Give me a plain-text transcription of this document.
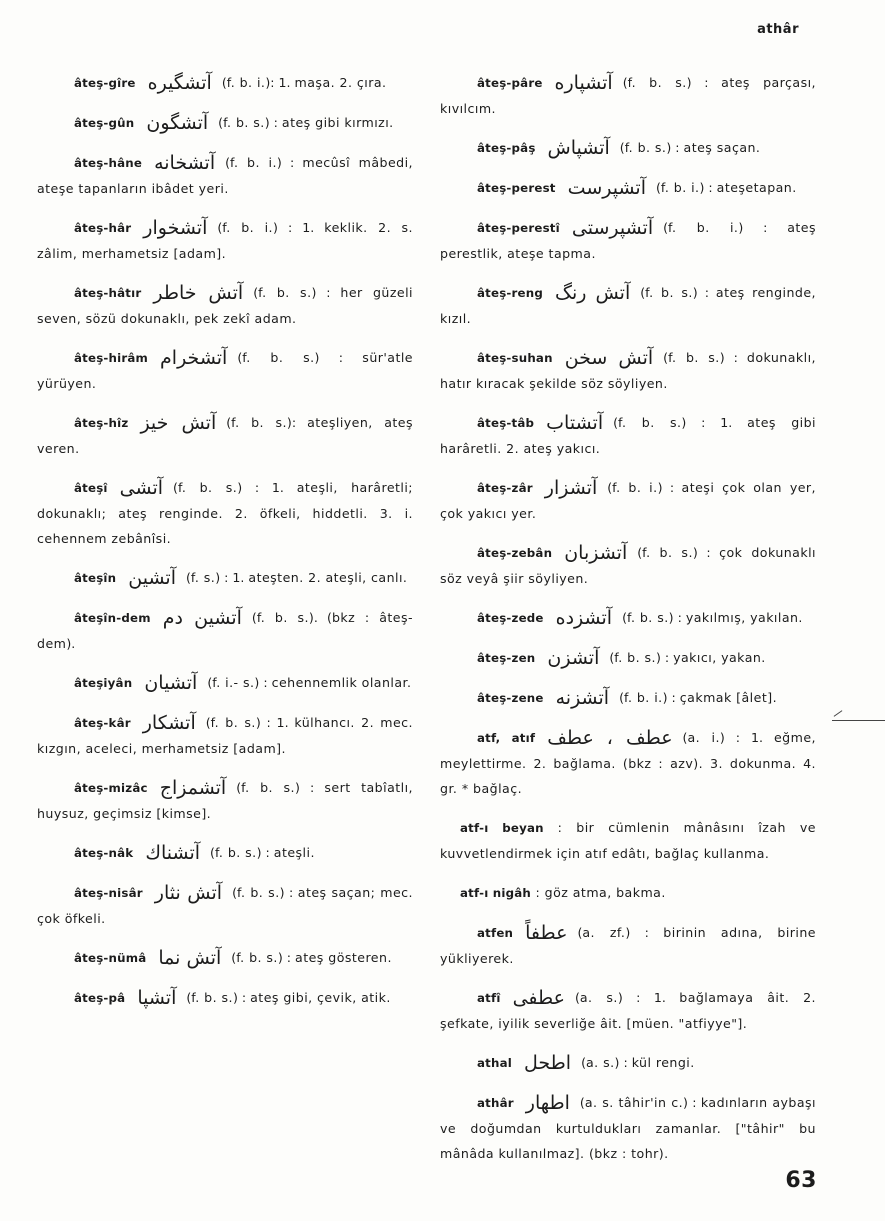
athâr

âteş-gîre آتشگیره (f. b. i.): 1. maşa. 2. çıra.

âteş-gûn آتشگون (f. b. s.) : ateş gibi kırmızı.

âteş-hâne آتشخانه (f. b. i.) : mecûsî mâbedi, ateşe tapanların ibâdet yeri.

âteş-hâr آتشخوار (f. b. i.) : 1. keklik. 2. s. zâlim, merhametsiz [adam].

âteş-hâtır آتش خاطر (f. b. s.) : her güzeli seven, sözü dokunaklı, pek zekî adam.

âteş-hirâm آتشخرام (f. b. s.) : sür'atle yürüyen.

âteş-hîz آتش خیز (f. b. s.): ateşliyen, ateş veren.

âteşî آتشی (f. b. s.) : 1. ateşli, harâretli; dokunaklı; ateş renginde. 2. öfkeli, hiddetli. 3. i. cehennem zebânîsi.

âteşîn آتشین (f. s.) : 1. ateşten. 2. ateşli, canlı.

âteşîn-dem آتشین دم (f. b. s.). (bkz : âteş-dem).

âteşiyân آتشیان (f. i.- s.) : cehennemlik olanlar.

âteş-kâr آتشكار (f. b. s.) : 1. külhancı. 2. mec. kızgın, aceleci, merhametsiz [adam].

âteş-mizâc آتشمزاج (f. b. s.) : sert tabîatlı, huysuz, geçimsiz [kimse].

âteş-nâk آتشناك (f. b. s.) : ateşli.

âteş-nisâr آتش نثار (f. b. s.) : ateş saçan; mec. çok öfkeli.

âteş-nümâ آتش نما (f. b. s.) : ateş gösteren.

âteş-pâ آتشپا (f. b. s.) : ateş gibi, çevik, atik.

âteş-pâre آتشپاره (f. b. s.) : ateş parçası, kıvılcım.

âteş-pâş آتشپاش (f. b. s.) : ateş saçan.

âteş-perest آتشپرست (f. b. i.) : ateşetapan.

âteş-perestî آتشپرستی (f. b. i.) : ateş perestlik, ateşe tapma.

âteş-reng آتش رنگ (f. b. s.) : ateş renginde, kızıl.

âteş-suhan آتش سخن (f. b. s.) : dokunaklı, hatır kıracak şekilde söz söyliyen.

âteş-tâb آتشتاب (f. b. s.) : 1. ateş gibi harâretli. 2. ateş yakıcı.

âteş-zâr آتشزار (f. b. i.) : ateşi çok olan yer, çok yakıcı yer.

âteş-zebân آتشزبان (f. b. s.) : çok dokunaklı söz veyâ şiir söyliyen.

âteş-zede آتشزده (f. b. s.) : yakılmış, yakılan.

âteş-zen آتشزن (f. b. s.) : yakıcı, yakan.

âteş-zene آتشزنه (f. b. i.) : çakmak [âlet].

atf, atıf عطف ، عطف (a. i.) : 1. eğme, meylettirme. 2. bağlama. (bkz : azv). 3. dokunma. 4. gr. * bağlaç.

atf-ı beyan : bir cümlenin mânâsını îzah ve kuvvetlendirmek için atıf edâtı, bağlaç kullanma.

atf-ı nigâh : göz atma, bakma.

atfen عطفاً (a. zf.) : birinin adına, birine yükliyerek.

atfî عطفی (a. s.) : 1. bağlamaya âit. 2. şefkate, iyilik severliğe âit. [müen. "atfiyye"].

athal اطحل (a. s.) : kül rengi.

athâr اطهار (a. s. tâhir'in c.) : kadınların aybaşı ve doğumdan kurtuldukları zamanlar. ["tâhir" bu mânâda kullanılmaz]. (bkz : tohr).

63
